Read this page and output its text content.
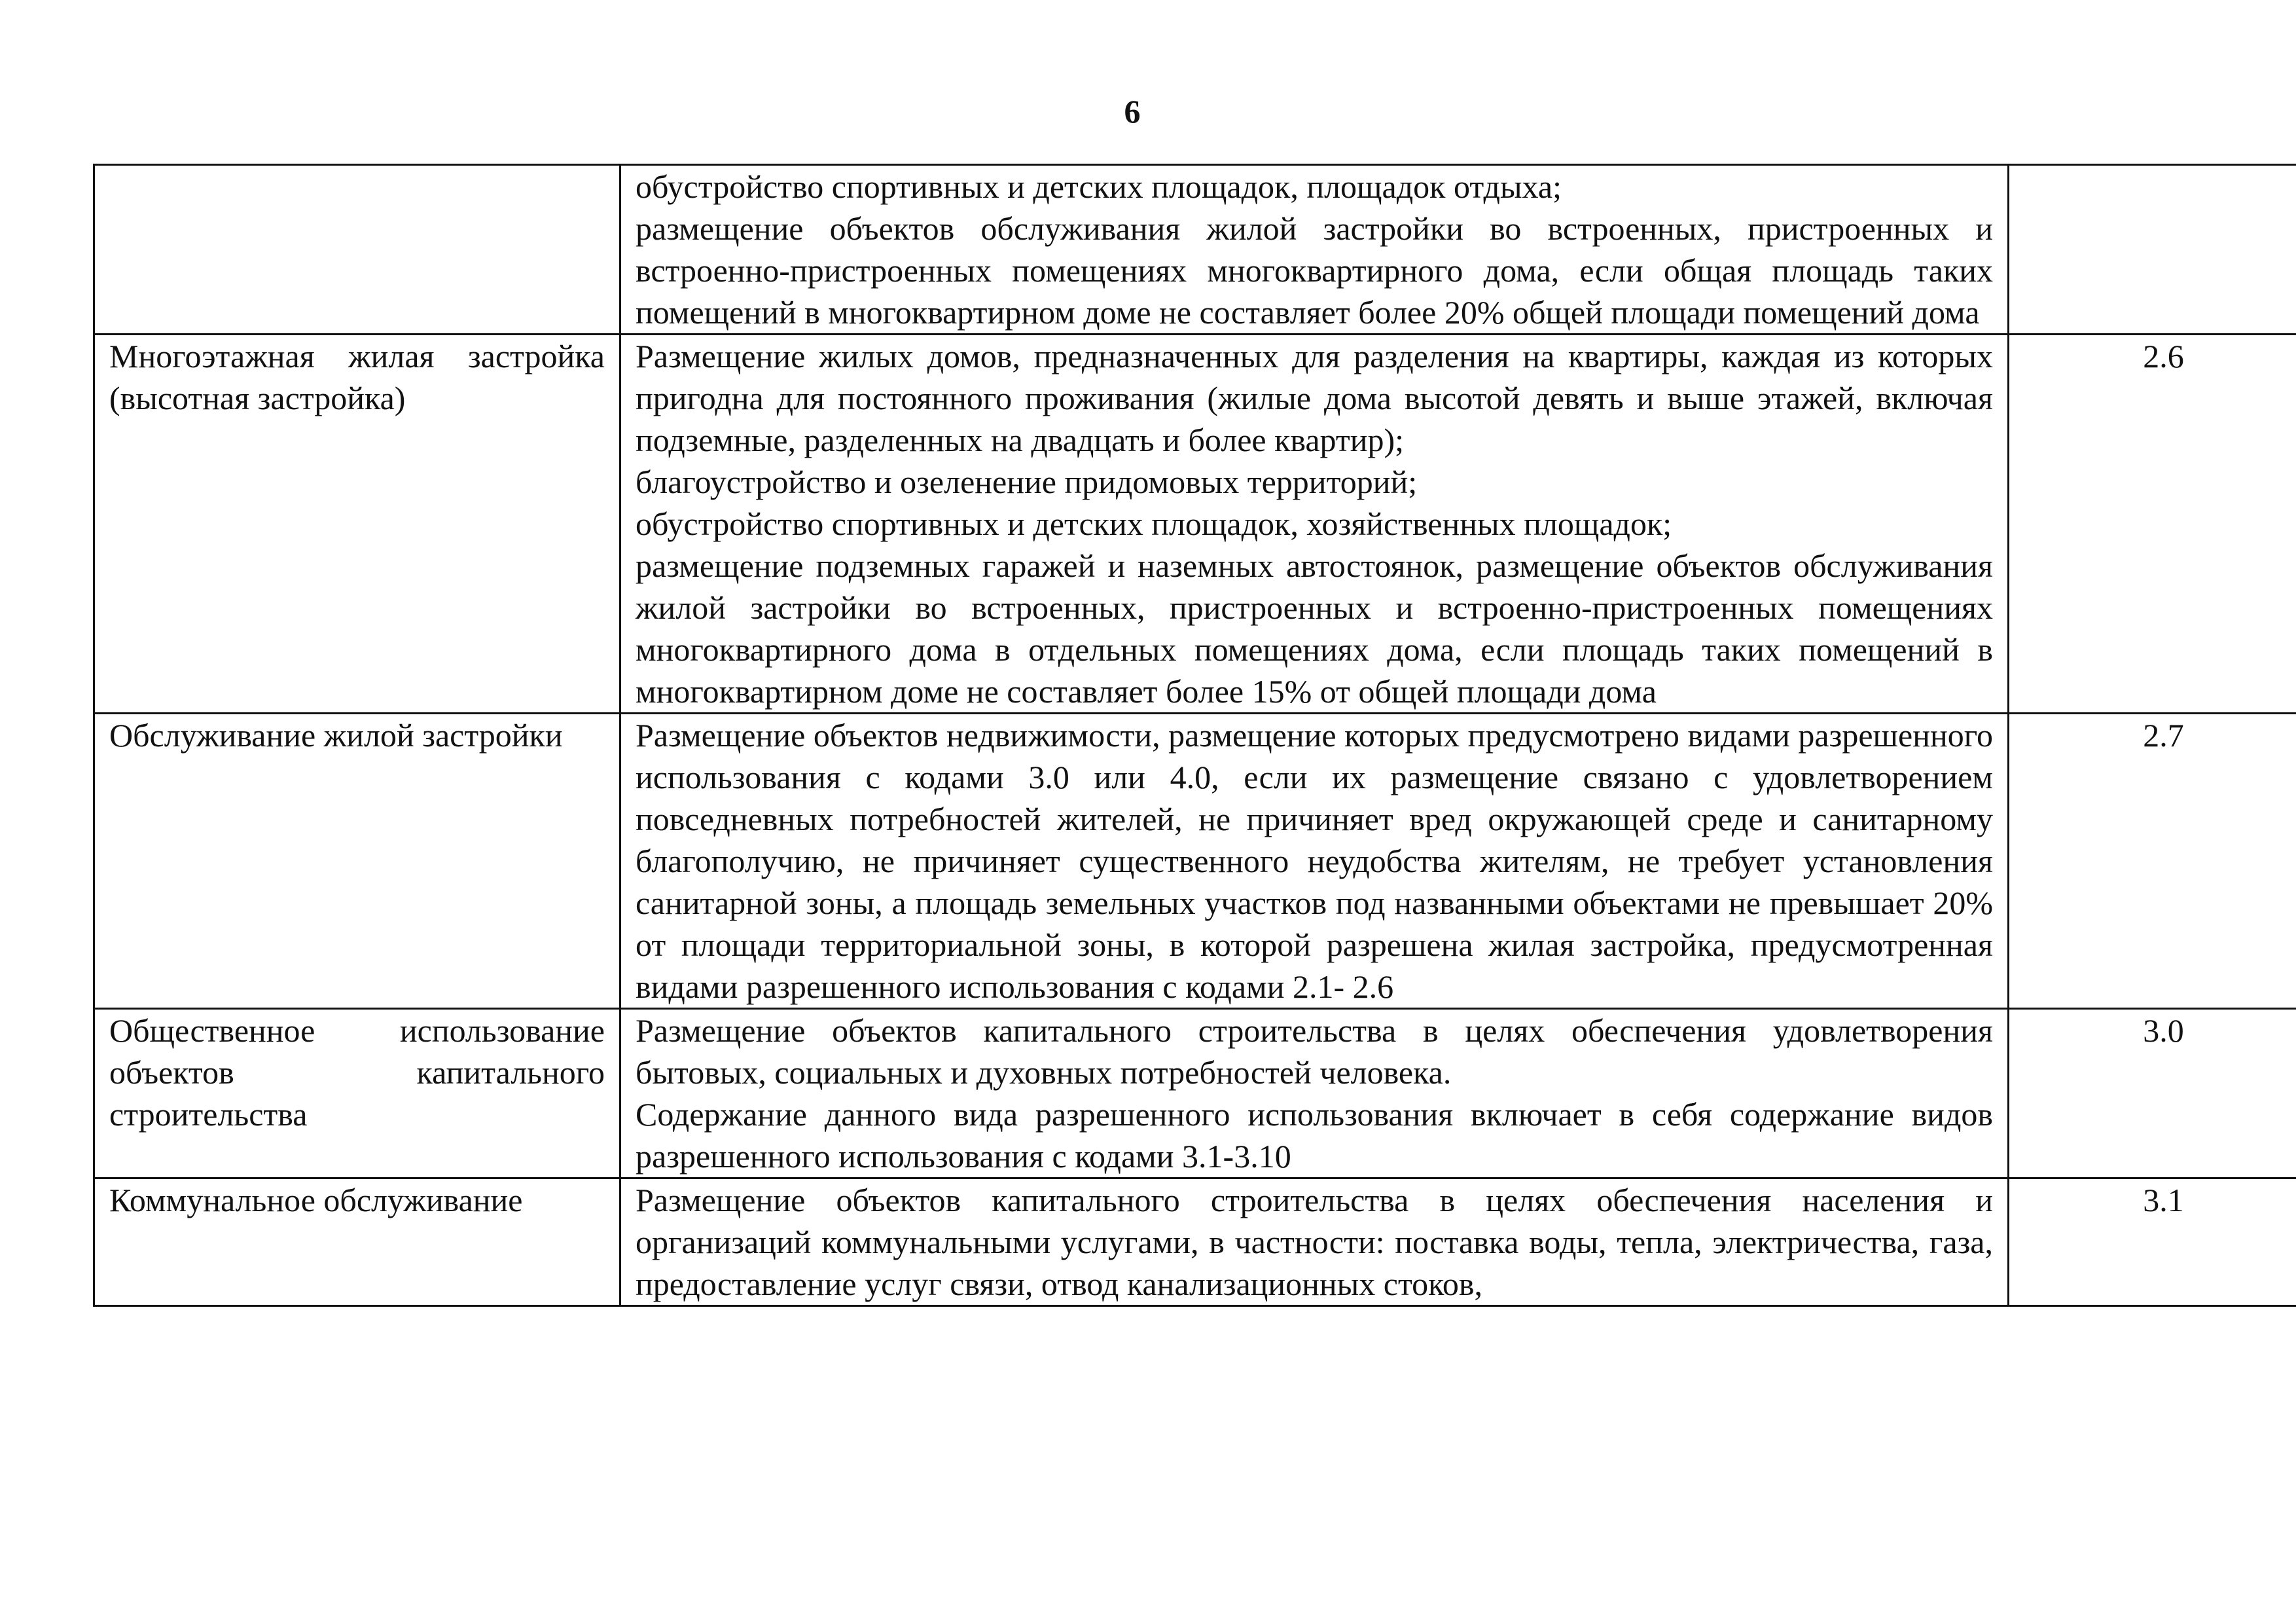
6

	обустройство спортивных и детских площадок, площадок отдыха;
размещение объектов обслуживания жилой застройки во встроенных, пристроенных и встроенно-пристроенных помещениях многоквартирного дома, если общая площадь таких помещений в многоквартирном доме не составляет более 20% общей площади помещений дома	

Многоэтажная жилая застройка (высотная застройка)	Размещение жилых домов, предназначенных для разделения на квартиры, каждая из которых пригодна для постоянного проживания (жилые дома высотой девять и выше этажей, включая подземные, разделенных на двадцать и более квартир);
благоустройство и озеленение придомовых территорий;
обустройство спортивных и детских площадок, хозяйственных площадок;
размещение подземных гаражей и наземных автостоянок, размещение объектов обслуживания жилой застройки во встроенных, пристроенных и встроенно-пристроенных помещениях многоквартирного дома в отдельных помещениях дома, если площадь таких помещений в многоквартирном доме не составляет более 15% от общей площади дома	2.6
Обслуживание жилой застройки	Размещение объектов недвижимости, размещение которых предусмотрено видами разрешенного использования с кодами 3.0 или 4.0, если их размещение связано с удовлетворением повседневных потребностей жителей, не причиняет вред окружающей среде и санитарному благополучию, не причиняет существенного неудобства жителям, не требует установления санитарной зоны, а площадь земельных участков под названными объектами не превышает 20% от площади территориальной зоны, в которой разрешена жилая застройка, предусмотренная видами разрешенного использования с кодами 2.1- 2.6	2.7
Общественное использование объектов капитального строительства	Размещение объектов капитального строительства в целях обеспечения удовлетворения бытовых, социальных и духовных потребностей человека.
Содержание данного вида разрешенного использования включает в себя содержание видов разрешенного использования с кодами 3.1-3.10	3.0
Коммунальное обслуживание	Размещение объектов капитального строительства в целях обеспечения населения и организаций коммунальными услугами, в частности: поставка воды, тепла, электричества, газа, предоставление услуг связи, отвод канализационных стоков,	3.1
